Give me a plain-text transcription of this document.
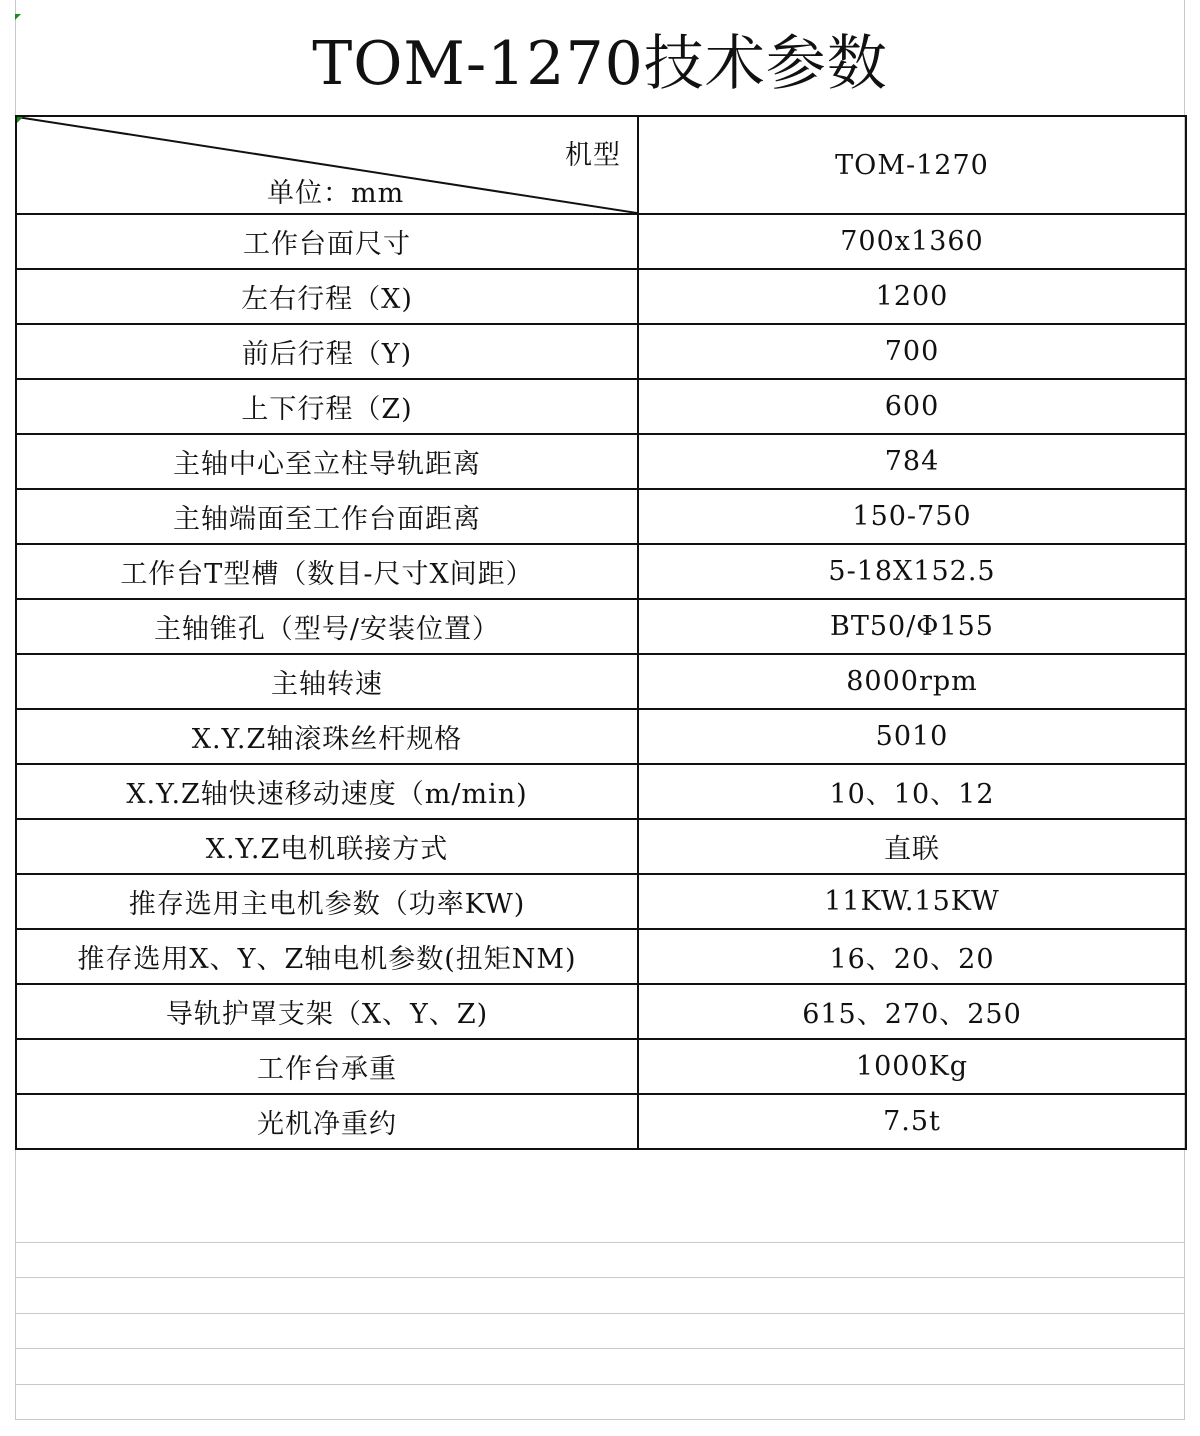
TOM-1270技术参数
机型
单位：mm	TOM-1270
工作台面尺寸	700x1360
左右行程（X)	1200
前后行程（Y)	700
上下行程（Z)	600
主轴中心至立柱导轨距离	784
主轴端面至工作台面距离	150-750
工作台T型槽（数目-尺寸X间距）	5-18X152.5
主轴锥孔（型号/安装位置）	BT50/Φ155
主轴转速	8000rpm
X.Y.Z轴滚珠丝杆规格	5010
X.Y.Z轴快速移动速度（m/min)	10、10、12
X.Y.Z电机联接方式	直联
推存选用主电机参数（功率KW)	11KW.15KW
推存选用X、Y、Z轴电机参数(扭矩NM)	16、20、20
导轨护罩支架（X、Y、Z)	615、270、250
工作台承重	1000Kg
光机净重约	7.5t
